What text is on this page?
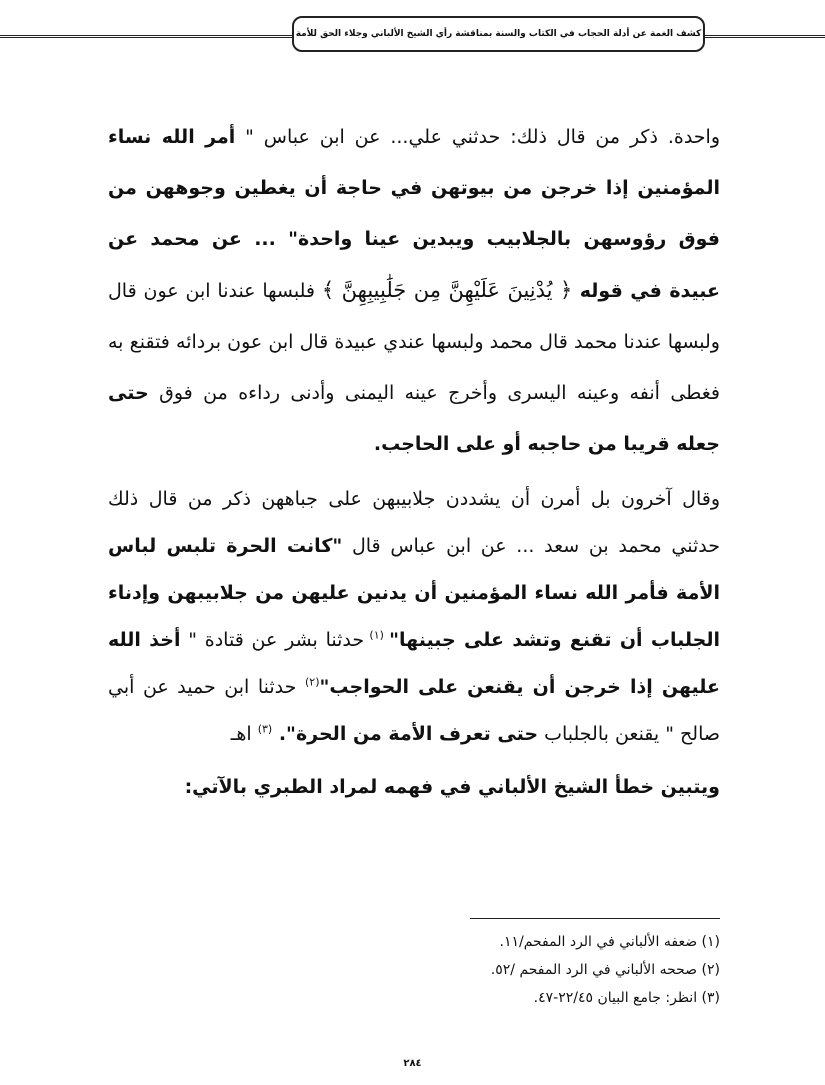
كشف الغمة عن أدلة الحجاب في الكتاب والسنة بمناقشة رأي الشيخ الألباني وجلاء الحق للأمة
واحدة. ذكر من قال ذلك: حدثني علي... عن ابن عباس " أمر الله نساء المؤمنين إذا خرجن من بيوتهن في حاجة أن يغطين وجوههن من فوق رؤوسهن بالجلابيب ويبدين عينا واحدة" ... عن محمد عن عبيدة في قوله ﴿ يُدْنِينَ عَلَيْهِنَّ مِن جَلَٰبِيبِهِنَّ ﴾ فلبسها عندنا ابن عون قال ولبسها عندنا محمد قال محمد ولبسها عندي عبيدة قال ابن عون بردائه فتقنع به فغطى أنفه وعينه اليسرى وأخرج عينه اليمنى وأدنى رداءه من فوق حتى جعله قريبا من حاجبه أو على الحاجب.
وقال آخرون بل أمرن أن يشددن جلابيبهن على جباههن ذكر من قال ذلك حدثني محمد بن سعد ... عن ابن عباس قال "كانت الحرة تلبس لباس الأمة فأمر الله نساء المؤمنين أن يدنين عليهن من جلابيبهن وإدناء الجلباب أن تقنع وتشد على جبينها" $^{(١)}$ حدثنا بشر عن قتادة " أخذ الله عليهن إذا خرجن أن يقنعن على الحواجب"$^{(٢)}$ حدثنا ابن حميد عن أبي صالح " يقنعن بالجلباب حتى تعرف الأمة من الحرة". $^{(٣)}$ اهـ
ويتبين خطأ الشيخ الألباني في فهمه لمراد الطبري بالآتي:
(١) ضعفه الألباني في الرد المفحم/١١.
(٢) صححه الألباني في الرد المفحم /٥٢.
(٣) انظر: جامع البيان ٢٢/٤٥-٤٧.
٢٨٤
